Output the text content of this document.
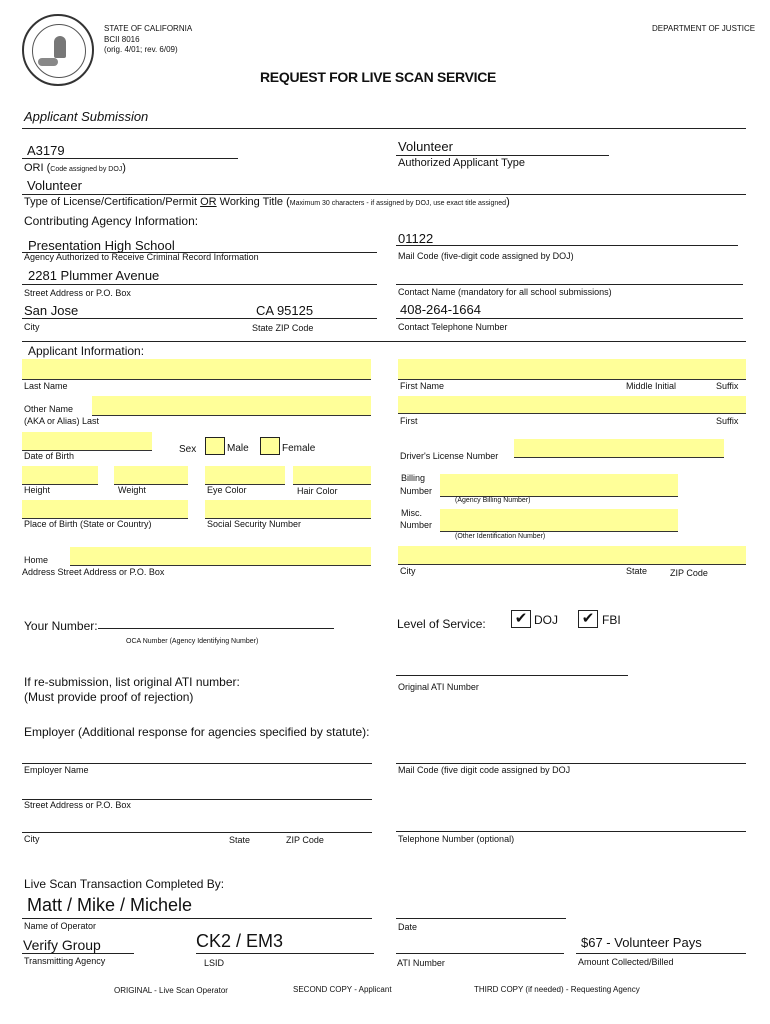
STATE OF CALIFORNIA
BCII 8016
(orig. 4/01; rev. 6/09)
DEPARTMENT OF JUSTICE
REQUEST FOR LIVE SCAN SERVICE
Applicant Submission
A3179
ORI (Code assigned by DOJ)
Volunteer
Authorized Applicant Type
Volunteer
Type of License/Certification/Permit OR Working Title (Maximum 30 characters - if assigned by DOJ, use exact title assigned)
Contributing Agency Information:
Presentation High School
Agency Authorized to Receive Criminal Record Information
01122
Mail Code (five-digit code assigned by DOJ)
2281 Plummer Avenue
Street Address or P.O. Box	Contact Name (mandatory for all school submissions)
San Jose	CA 95125
City	State ZIP Code
408-264-1664
Contact Telephone Number
Applicant Information:
Last Name	First Name	Middle Initial	Suffix
Other Name
(AKA or Alias) Last	First	Suffix
Date of Birth
Sex	Male	Female
Driver's License Number
Height	Weight	Eye Color	Hair Color
Billing
Number
(Agency Billing Number)
Place of Birth (State or Country)	Social Security Number
Misc.
Number
(Other Identification Number)
Home
Address Street Address or P.O. Box	City	State	ZIP Code
Your Number:
OCA Number (Agency Identifying Number)
Level of Service: ✔ DOJ ✔ FBI
If re-submission, list original ATI number:
(Must provide proof of rejection)
Original ATI Number
Employer (Additional response for agencies specified by statute):
Employer Name	Mail Code (five digit code assigned by DOJ
Street Address or P.O. Box
City	State	ZIP Code	Telephone Number (optional)
Live Scan Transaction Completed By:
Matt / Mike / Michele
Name of Operator	Date
Verify Group
Transmitting Agency
CK2 / EM3
LSID	ATI Number
$67 - Volunteer Pays
Amount Collected/Billed
ORIGINAL - Live Scan Operator	SECOND COPY - Applicant	THIRD COPY (if needed) - Requesting Agency
